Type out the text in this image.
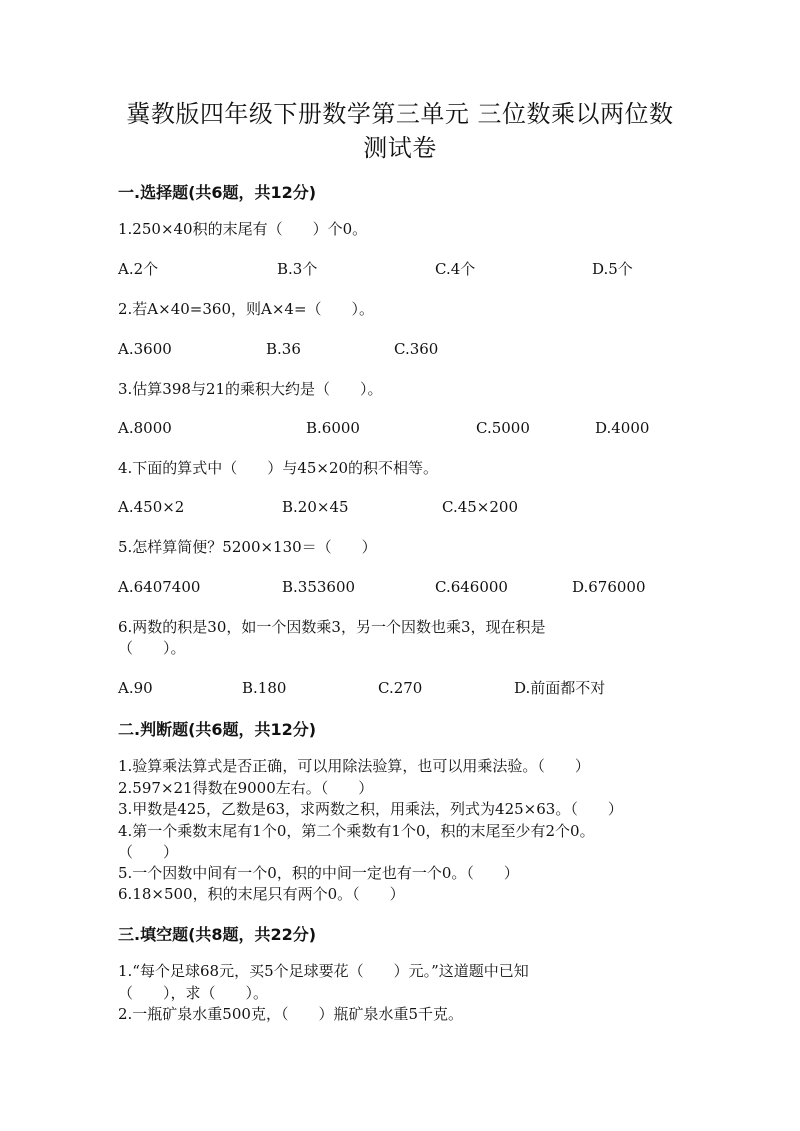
冀教版四年级下册数学第三单元 三位数乘以两位数
测试卷
一.选择题(共6题，共12分)
1.250×40积的末尾有（　　）个0。
A.2个	B.3个	C.4个	D.5个
2.若A×40=360，则A×4=（　　）。
A.3600	B.36	C.360
3.估算398与21的乘积大约是（　　）。
A.8000	B.6000	C.5000	D.4000
4.下面的算式中（　　）与45×20的积不相等。
A.450×2	B.20×45	C.45×200
5.怎样算简便？5200×130＝（　　）
A.6407400	B.353600	C.646000	D.676000
6.两数的积是30，如一个因数乘3，另一个因数也乘3，现在积是
（　　）。
A.90	B.180	C.270	D.前面都不对
二.判断题(共6题，共12分)
1.验算乘法算式是否正确，可以用除法验算，也可以用乘法验。（　　）
2.597×21得数在9000左右。（　　）
3.甲数是425，乙数是63，求两数之积，用乘法，列式为425×63。（　　）
4.第一个乘数末尾有1个0，第二个乘数有1个0，积的末尾至少有2个0。
（　　）
5.一个因数中间有一个0，积的中间一定也有一个0。（　　）
6.18×500，积的末尾只有两个0。（　　）
三.填空题(共8题，共22分)
1.“每个足球68元，买5个足球要花（　　）元。”这道题中已知
（　　），求（　　）。
2.一瓶矿泉水重500克，（　　）瓶矿泉水重5千克。
